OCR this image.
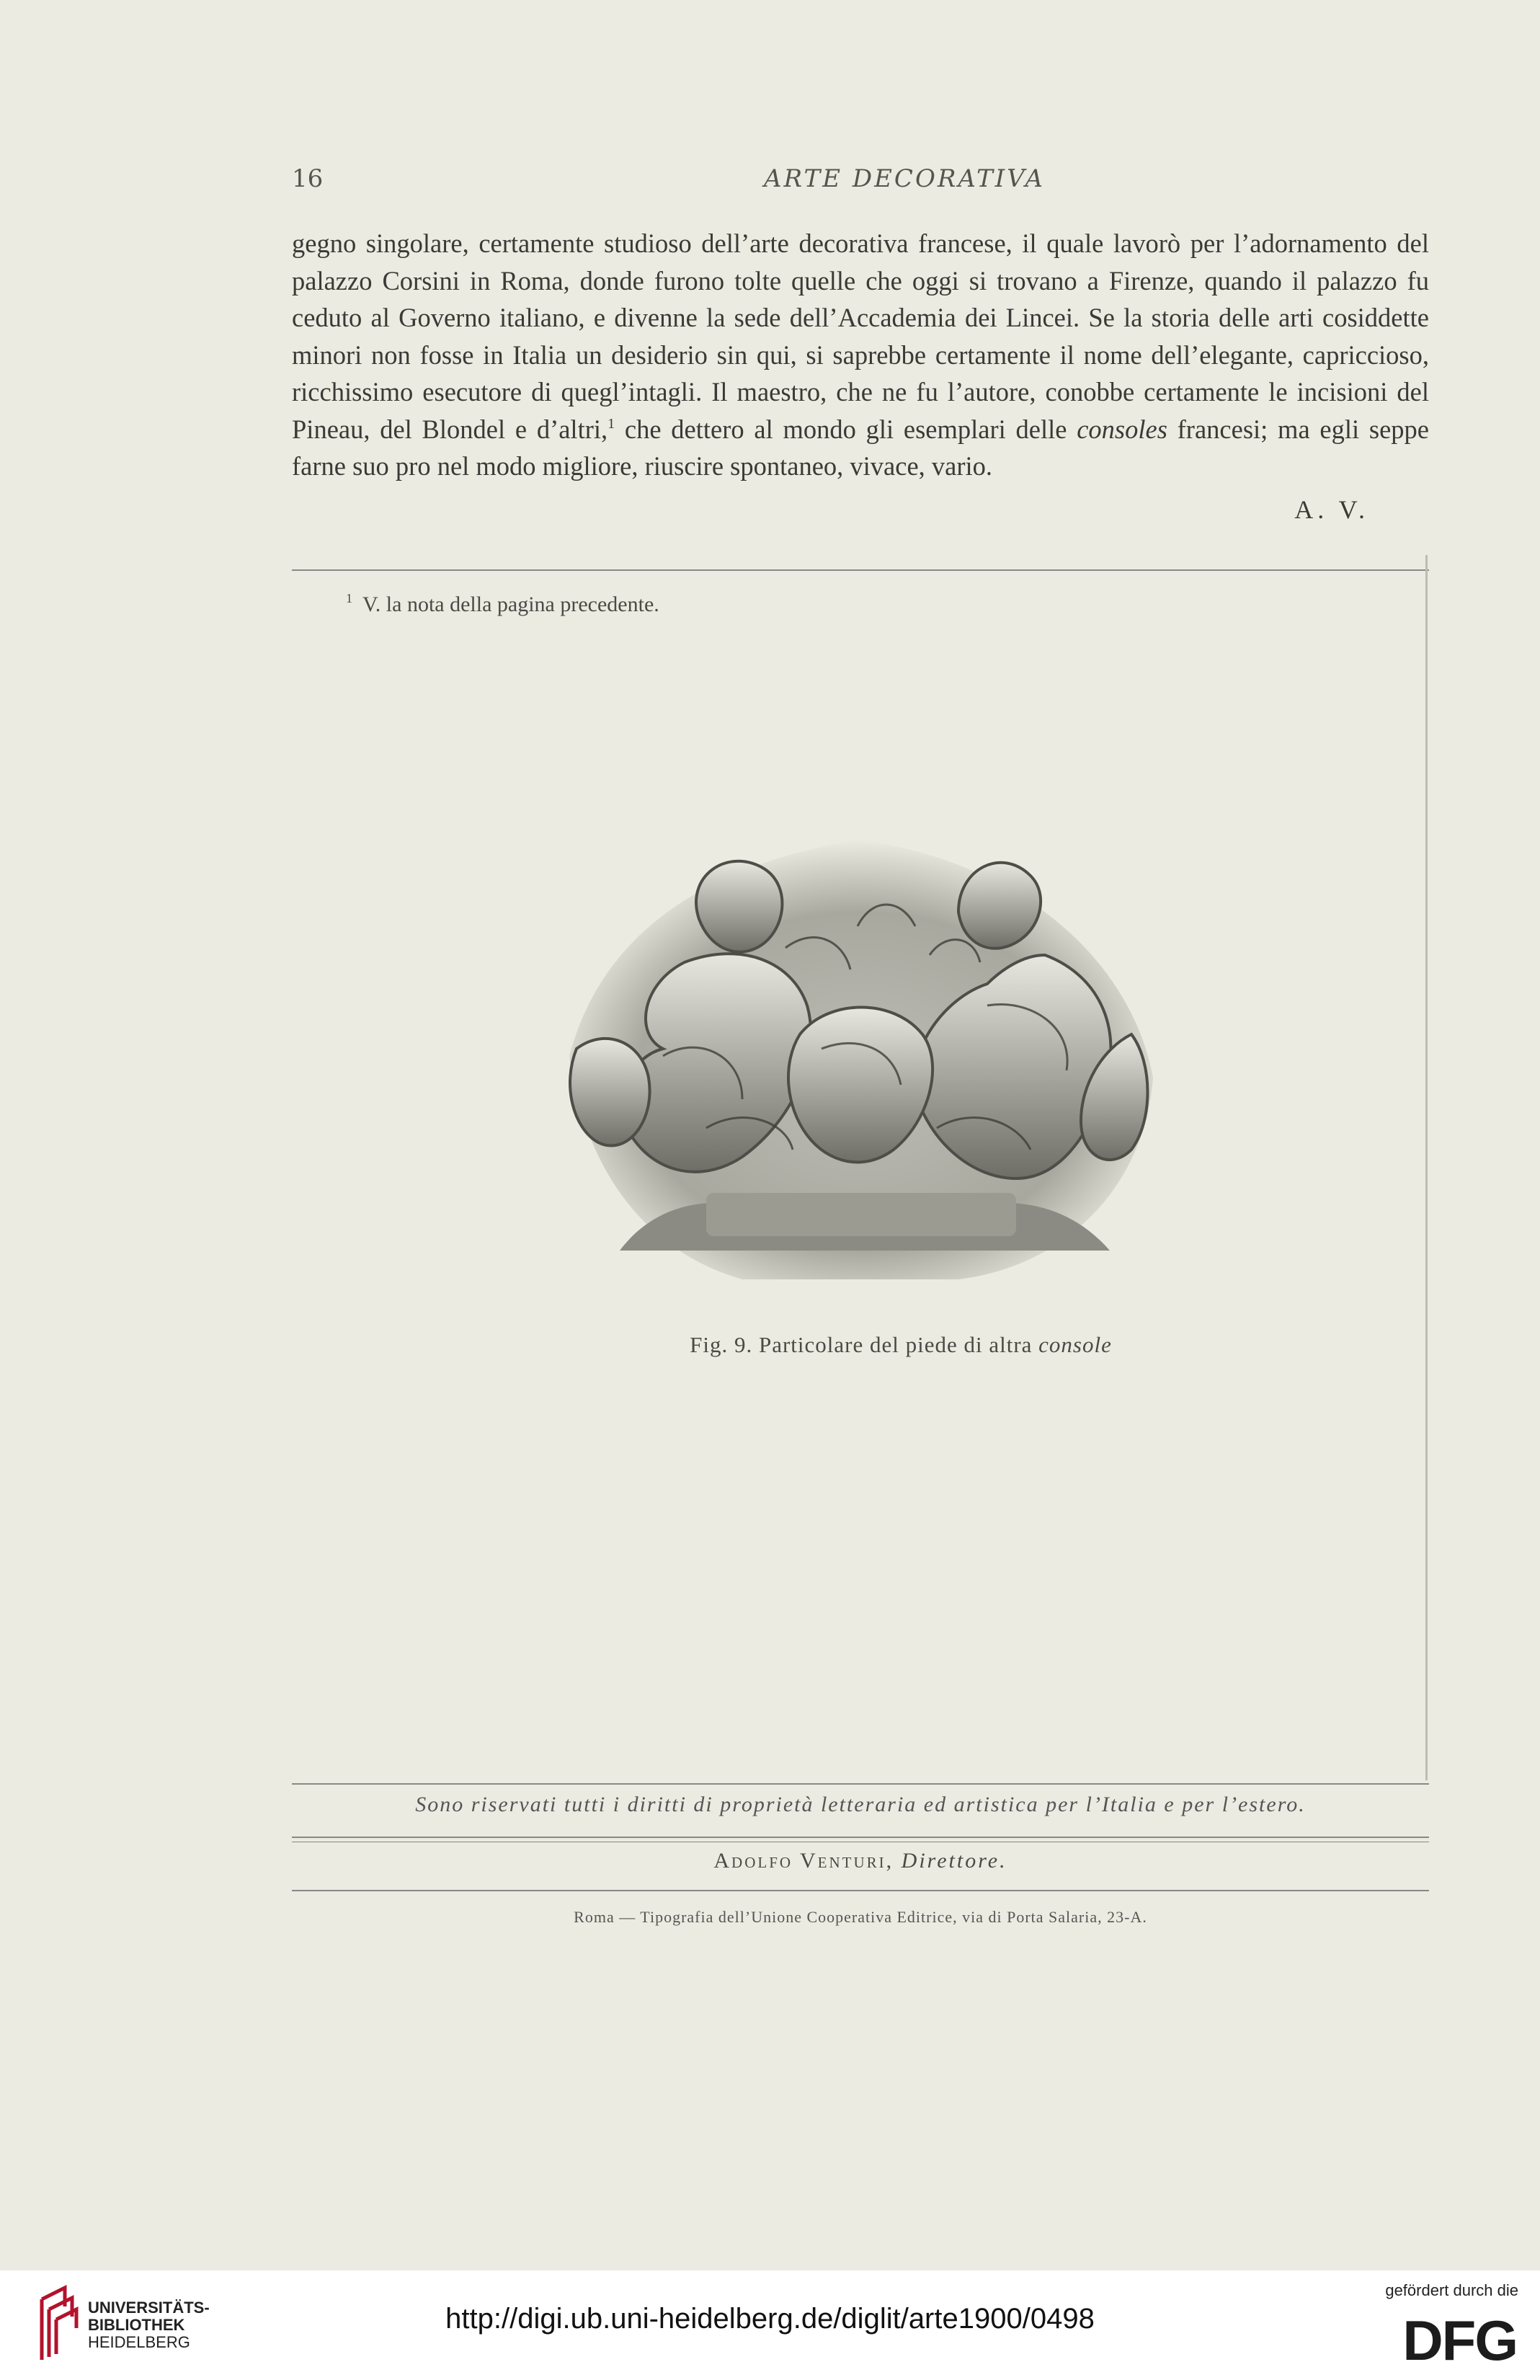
16	ARTE DECORATIVA

gegno singolare, certamente studioso dell’arte decorativa francese, il quale lavorò per l’adornamento del palazzo Corsini in Roma, donde furono tolte quelle che oggi si trovano a Firenze, quando il palazzo fu ceduto al Governo italiano, e divenne la sede dell’Accademia dei Lincei. Se la storia delle arti cosiddette minori non fosse in Italia un desiderio sin qui, si saprebbe certamente il nome dell’elegante, capriccioso, ricchissimo esecutore di quegl’intagli. Il maestro, che ne fu l’autore, conobbe certamente le incisioni del Pineau, del Blondel e d’altri,$^1$ che dettero al mondo gli esemplari delle consoles francesi; ma egli seppe farne suo pro nel modo migliore, riuscire spontaneo, vivace, vario.

A. V.
$^1$ V. la nota della pagina precedente.
Fig. 9. Particolare del piede di altra console
Sono riservati tutti i diritti di proprietà letteraria ed artistica per l’Italia e per l’estero.
Adolfo Venturi, Direttore.
Roma — Tipografia dell’Unione Cooperativa Editrice, via di Porta Salaria, 23-A.
UNIVERSITÄTS-
BIBLIOTHEK
HEIDELBERG
http://digi.ub.uni-heidelberg.de/diglit/arte1900/0498
gefördert durch die
DFG
